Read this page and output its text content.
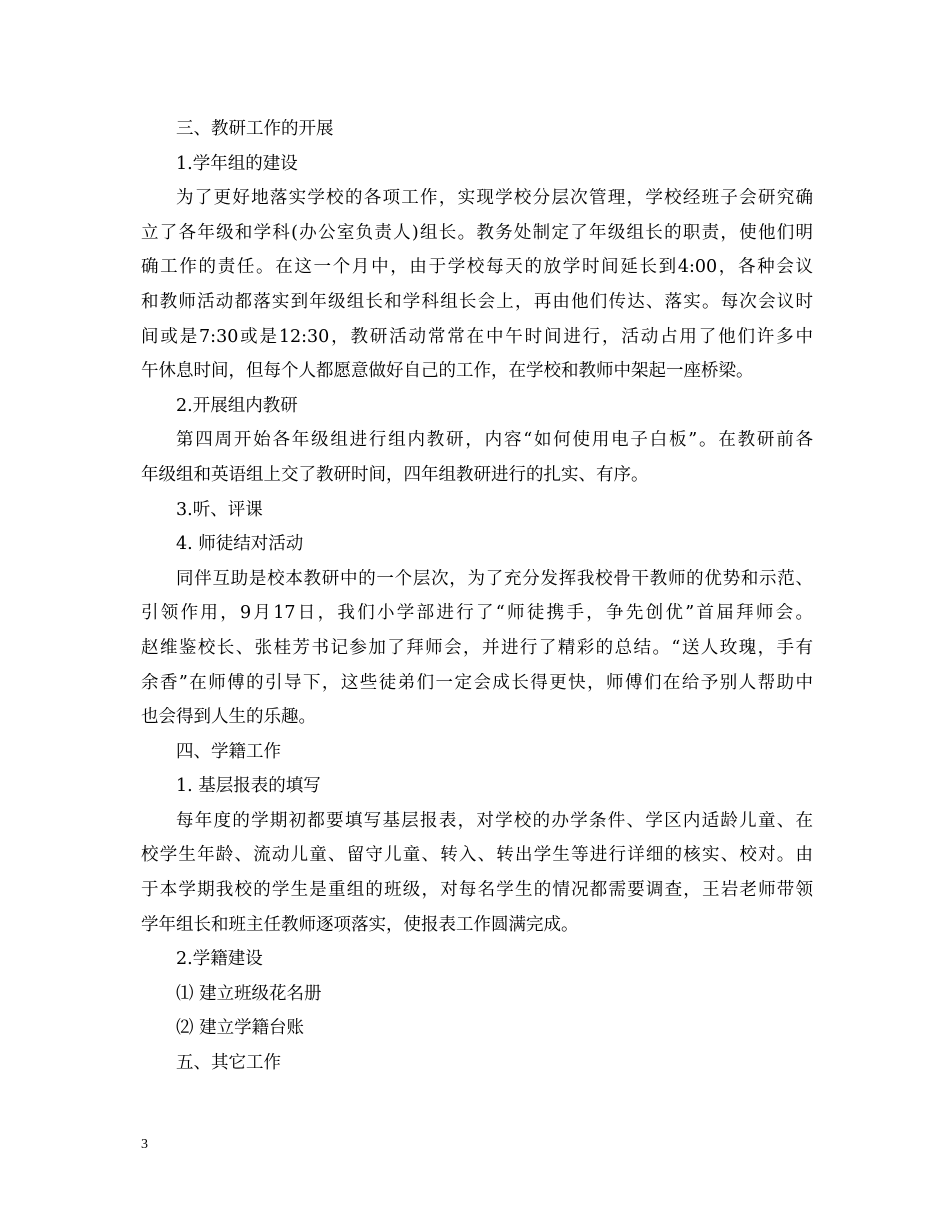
三、教研工作的开展
1.学年组的建设
为了更好地落实学校的各项工作，实现学校分层次管理，学校经班子会研究确
立了各年级和学科(办公室负责人)组长。教务处制定了年级组长的职责，使他们明
确工作的责任。在这一个月中，由于学校每天的放学时间延长到4:00，各种会议
和教师活动都落实到年级组长和学科组长会上，再由他们传达、落实。每次会议时
间或是7:30或是12:30，教研活动常常在中午时间进行，活动占用了他们许多中
午休息时间，但每个人都愿意做好自己的工作，在学校和教师中架起一座桥梁。
2.开展组内教研
第四周开始各年级组进行组内教研，内容“如何使用电子白板”。在教研前各
年级组和英语组上交了教研时间，四年组教研进行的扎实、有序。
3.听、评课
4. 师徒结对活动
同伴互助是校本教研中的一个层次，为了充分发挥我校骨干教师的优势和示范、
引领作用，9月17日，我们小学部进行了“师徒携手，争先创优”首届拜师会。
赵维鉴校长、张桂芳书记参加了拜师会，并进行了精彩的总结。“送人玫瑰，手有
余香”在师傅的引导下，这些徒弟们一定会成长得更快，师傅们在给予别人帮助中
也会得到人生的乐趣。
四、学籍工作
1. 基层报表的填写
每年度的学期初都要填写基层报表，对学校的办学条件、学区内适龄儿童、在
校学生年龄、流动儿童、留守儿童、转入、转出学生等进行详细的核实、校对。由
于本学期我校的学生是重组的班级，对每名学生的情况都需要调查，王岩老师带领
学年组长和班主任教师逐项落实，使报表工作圆满完成。
2.学籍建设
⑴ 建立班级花名册
⑵ 建立学籍台账
五、其它工作
3
